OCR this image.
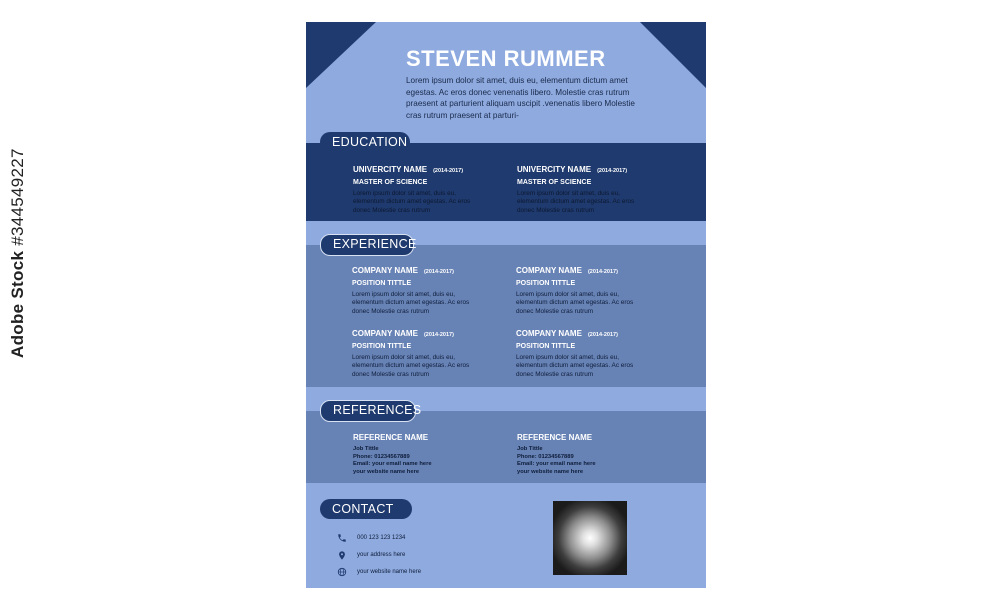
Adobe Stock #344549227
STEVEN RUMMER
Lorem ipsum dolor sit amet, duis eu, elementum dictum amet egestas. Ac eros donec venenatis libero. Molestie cras rutrum praesent at parturient aliquam uscipit .venenatis libero Molestie cras rutrum praesent at parturi-
EDUCATION
UNIVERCITY NAME (2014-2017)
MASTER OF SCIENCE
Lorem ipsum dolor sit amet, duis eu, elementum dictum amet egestas. Ac eros donec Molestie cras rutrum
UNIVERCITY NAME (2014-2017)
MASTER OF SCIENCE
Lorem ipsum dolor sit amet, duis eu, elementum dictum amet egestas. Ac eros donec Molestie cras rutrum
EXPERIENCE
COMPANY NAME (2014-2017)
POSITION TITTLE
Lorem ipsum dolor sit amet, duis eu, elementum dictum amet egestas. Ac eros donec Molestie cras rutrum
COMPANY NAME (2014-2017)
POSITION TITTLE
Lorem ipsum dolor sit amet, duis eu, elementum dictum amet egestas. Ac eros donec Molestie cras rutrum
COMPANY NAME (2014-2017)
POSITION TITTLE
Lorem ipsum dolor sit amet, duis eu, elementum dictum amet egestas. Ac eros donec Molestie cras rutrum
COMPANY NAME (2014-2017)
POSITION TITTLE
Lorem ipsum dolor sit amet, duis eu, elementum dictum amet egestas. Ac eros donec Molestie cras rutrum
REFERENCES
REFERENCE NAME
Job Tittle
Phone: 01234567889
Email: your email name here
your website name here
REFERENCE NAME
Job Tittle
Phone: 01234567889
Email: your email name here
your website name here
CONTACT
000 123 123 1234
your address here
your website name here
